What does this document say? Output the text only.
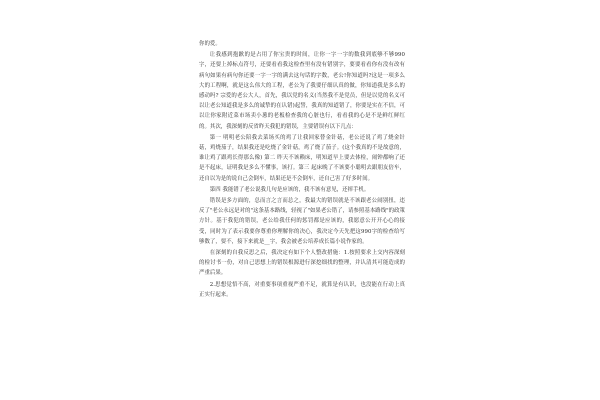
你的爱。

让我感到抱歉的是占用了你宝贵的时间，让你一字一字的数我到底够不够990字，还要上掉标点符号，还要看看我这检查里有没有错别字，要要看看你有没有改有病句如果有病句你还要一字一字的满去这句话的字数，老公!你知道吗?这是一项多么大的工程啊，就是这么伟大的工程，老公为了我要仔细认真的做，你知道我是多么的感动吗? 宗爱的老公大人，首先，我以党的名义(当然我不是党员，但是以党的名义可以让老公知道我是多么的诚挚的在认错)起誓，我真的知道错了，你要是实在不信，可以让你家附近菜市场卖小葱的老板检查我的心脏也行，看看我的心是不是鲜红鲜红的。其次，我深刻的反省昨天我犯的错误，主要错误有以下几点：

第一 明明老公陪我去菜场买的鸡了让我回家替金针菇，老公还说了鸡了烧金针菇，鸡烧茄子，结果我还是吃烧了金针菇，鸡了烧了茄子。(这个我真的不是故意的，谁让鸡了跟鸡长得那么像) 第二 昨天不该赖床，明知道早上要去体检，闹钟都响了还是不起床，证明我是多么不懂事，该打。第三 起床晚了不该要小聪明去跟朋友倍车，还自以为是的说自己会倒车，结果还是不会倒车，还自己害了好多时间。

第四 我能错了老公说我几句是应该的，我不该有意见，还摔手机。

错误是多方面的，总而言之言而总之，我最大的错误就是不该跟老公闹别扭，违反了"老公永远是对的"这条基本路线，轻视了"如果老公错了，请参照基本路线"的政策方针。基于我犯的错误，老公给我任何的惩罚都是应该的，我愿意公开开心心的接受，同时为了表示我要你尊重你理解你的决心，我决定今天先把这990字的检查给写够数了，要不，接下来就是__字，我会被老公培养成长篇小说作家的。

在深刻的自我反思之后，我决定有如下个人整改措施：1.按照要求上交内容深刻的检讨书一份，对自己思想上的错误根源进行深挖细找的整理，并认清其可能造成的严重后果。

2.思想觉悟不高，对重要事项重视严重不足，就算是有认识，也没能在行动上真正实行起来。
